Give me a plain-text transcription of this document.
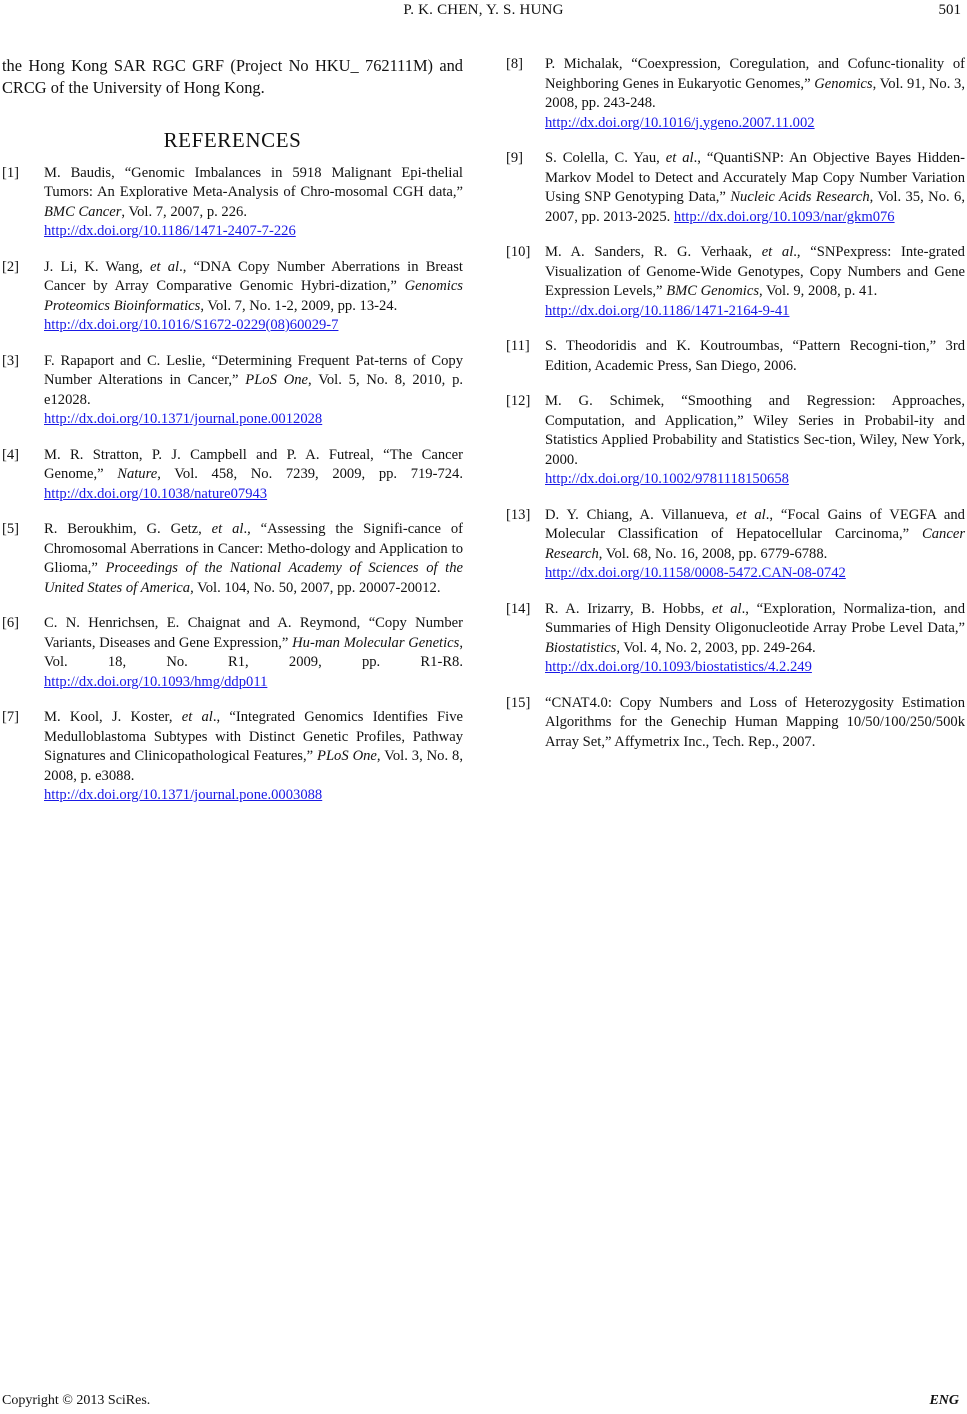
P. K. CHEN, Y. S. HUNG	501

the Hong Kong SAR RGC GRF (Project No HKU_ 762111M) and CRCG of the University of Hong Kong.

REFERENCES
[1] M. Baudis, “Genomic Imbalances in 5918 Malignant Epi-thelial Tumors: An Explorative Meta-Analysis of Chro-mosomal CGH data,” BMC Cancer, Vol. 7, 2007, p. 226.
http://dx.doi.org/10.1186/1471-2407-7-226
[2] J. Li, K. Wang, et al., “DNA Copy Number Aberrations in Breast Cancer by Array Comparative Genomic Hybri-dization,” Genomics Proteomics Bioinformatics, Vol. 7, No. 1-2, 2009, pp. 13-24.
http://dx.doi.org/10.1016/S1672-0229(08)60029-7
[3] F. Rapaport and C. Leslie, “Determining Frequent Pat-terns of Copy Number Alterations in Cancer,” PLoS One, Vol. 5, No. 8, 2010, p. e12028.
http://dx.doi.org/10.1371/journal.pone.0012028
[4] M. R. Stratton, P. J. Campbell and P. A. Futreal, “The Cancer Genome,” Nature, Vol. 458, No. 7239, 2009, pp. 719-724. http://dx.doi.org/10.1038/nature07943
[5] R. Beroukhim, G. Getz, et al., “Assessing the Signifi-cance of Chromosomal Aberrations in Cancer: Metho-dology and Application to Glioma,” Proceedings of the National Academy of Sciences of the United States of America, Vol. 104, No. 50, 2007, pp. 20007-20012.
[6] C. N. Henrichsen, E. Chaignat and A. Reymond, “Copy Number Variants, Diseases and Gene Expression,” Hu-man Molecular Genetics, Vol. 18, No. R1, 2009, pp. R1-R8. http://dx.doi.org/10.1093/hmg/ddp011
[7] M. Kool, J. Koster, et al., “Integrated Genomics Identifies Five Medulloblastoma Subtypes with Distinct Genetic Profiles, Pathway Signatures and Clinicopathological Features,” PLoS One, Vol. 3, No. 8, 2008, p. e3088.
http://dx.doi.org/10.1371/journal.pone.0003088
[8] P. Michalak, “Coexpression, Coregulation, and Cofunc-tionality of Neighboring Genes in Eukaryotic Genomes,” Genomics, Vol. 91, No. 3, 2008, pp. 243-248.
http://dx.doi.org/10.1016/j.ygeno.2007.11.002
[9] S. Colella, C. Yau, et al., “QuantiSNP: An Objective Bayes Hidden-Markov Model to Detect and Accurately Map Copy Number Variation Using SNP Genotyping Data,” Nucleic Acids Research, Vol. 35, No. 6, 2007, pp. 2013-2025. http://dx.doi.org/10.1093/nar/gkm076
[10] M. A. Sanders, R. G. Verhaak, et al., “SNPexpress: Inte-grated Visualization of Genome-Wide Genotypes, Copy Numbers and Gene Expression Levels,” BMC Genomics, Vol. 9, 2008, p. 41.
http://dx.doi.org/10.1186/1471-2164-9-41
[11] S. Theodoridis and K. Koutroumbas, “Pattern Recogni-tion,” 3rd Edition, Academic Press, San Diego, 2006.
[12] M. G. Schimek, “Smoothing and Regression: Approaches, Computation, and Application,” Wiley Series in Probabil-ity and Statistics Applied Probability and Statistics Sec-tion, Wiley, New York, 2000.
http://dx.doi.org/10.1002/9781118150658
[13] D. Y. Chiang, A. Villanueva, et al., “Focal Gains of VEGFA and Molecular Classification of Hepatocellular Carcinoma,” Cancer Research, Vol. 68, No. 16, 2008, pp. 6779-6788.
http://dx.doi.org/10.1158/0008-5472.CAN-08-0742
[14] R. A. Irizarry, B. Hobbs, et al., “Exploration, Normaliza-tion, and Summaries of High Density Oligonucleotide Array Probe Level Data,” Biostatistics, Vol. 4, No. 2, 2003, pp. 249-264.
http://dx.doi.org/10.1093/biostatistics/4.2.249
[15] “CNAT4.0: Copy Numbers and Loss of Heterozygosity Estimation Algorithms for the Genechip Human Mapping 10/50/100/250/500k Array Set,” Affymetrix Inc., Tech. Rep., 2007.
Copyright © 2013 SciRes.	ENG
